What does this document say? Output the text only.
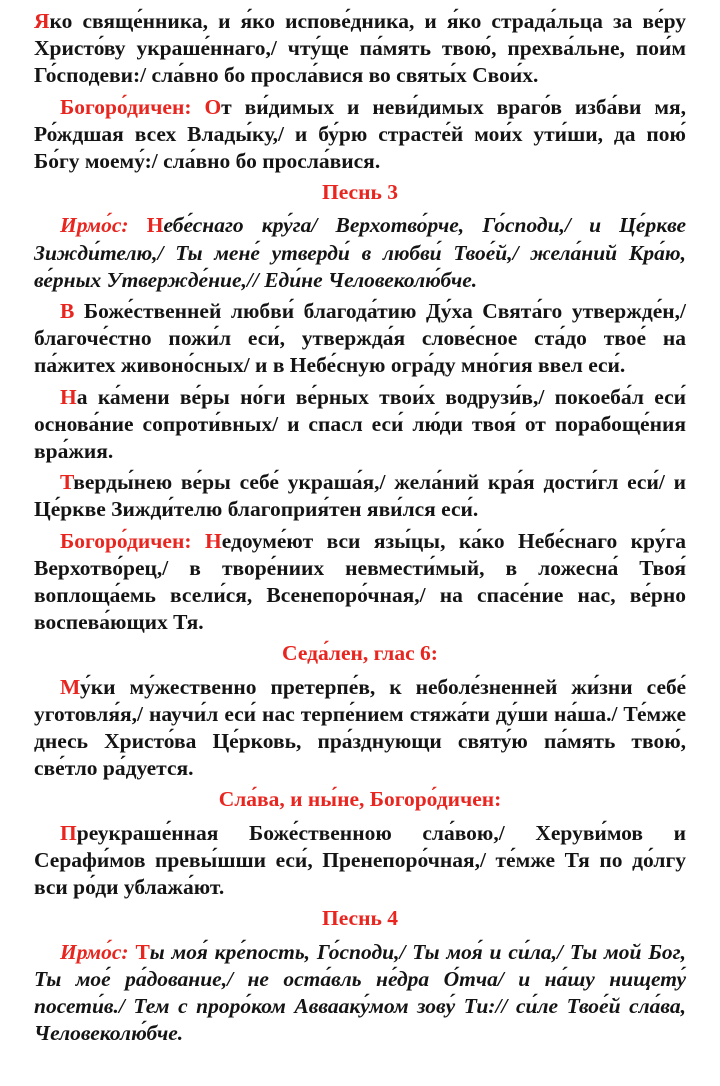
Яко свяще́нника, и я́ко испове́дника, и я́ко страда́льца за ве́ру Христо́ву украше́ннаго,/ чту́ще па́мять твою́, прехва́льне, пои́м Го́сподеви:/ сла́вно бо просла́вися во святы́х Свои́х.

Богоро́дичен: От ви́димых и неви́димых враго́в изба́ви мя, Ро́ждшая всех Влады́ку,/ и бу́рю страсте́й мои́х ути́ши, да пою́ Бо́гу моему́:/ сла́вно бо просла́вися.

Песнь 3

Ирмо́с: Небе́снаго кру́га/ Верхотво́рче, Го́споди,/ и Це́ркве Зижди́телю,/ Ты мене́ утверди́ в любви́ Твое́й,/ жела́ний Кра́ю, ве́рных Утвержде́ние,// Еди́не Человеколю́бче.

В Боже́ственней любви́ благода́тию Ду́ха Свята́го утвержде́н,/ благоче́стно пожи́л еси́, утвержда́я слове́сное ста́до твое́ на па́житех живоно́сных/ и в Небе́сную огра́ду мно́гия ввел еси́.

На ка́мени ве́ры но́ги ве́рных твои́х водрузи́в,/ покоеба́л еси́ основа́ние сопроти́вных/ и спасл еси́ лю́ди твоя́ от порабоще́ния вра́жия.

Тверды́нею ве́ры себе́ украша́я,/ жела́ний кра́я дости́гл еси́/ и Це́ркве Зижди́телю благоприя́тен яви́лся еси́.

Богоро́дичен: Недоуме́ют вси язы́цы, ка́ко Небе́снаго кру́га Верхотво́рец,/ в творе́ниих невмести́мый, в ложесна́ Твоя́ воплоща́емь всели́ся, Всенепоро́чная,/ на спасе́ние нас, ве́рно воспева́ющих Тя.

Седа́лен, глас 6:

Му́ки му́жественно претерпе́в, к неболе́зненней жи́зни себе́ уготовля́я,/ научи́л еси́ нас терпе́нием стяжа́ти ду́ши на́ша./ Те́мже днесь Христо́ва Це́рковь, пра́зднующи святу́ю па́мять твою́, све́тло ра́дуется.

Сла́ва, и ны́не, Богоро́дичен:

Преукраше́нная Боже́ственною сла́вою,/ Херуви́мов и Серафи́мов превы́шши еси́, Пренепоро́чная,/ те́мже Тя по до́лгу вси ро́ди ублажа́ют.

Песнь 4

Ирмо́с: Ты моя́ кре́пость, Го́споди,/ Ты моя́ и си́ла,/ Ты мой Бог, Ты мое́ ра́дование,/ не оста́вль не́дра О́тча/ и на́шу нищету́ посети́в./ Тем с проро́ком Аввааку́мом зову́ Ти:// си́ле Твое́й сла́ва, Человеколю́бче.
